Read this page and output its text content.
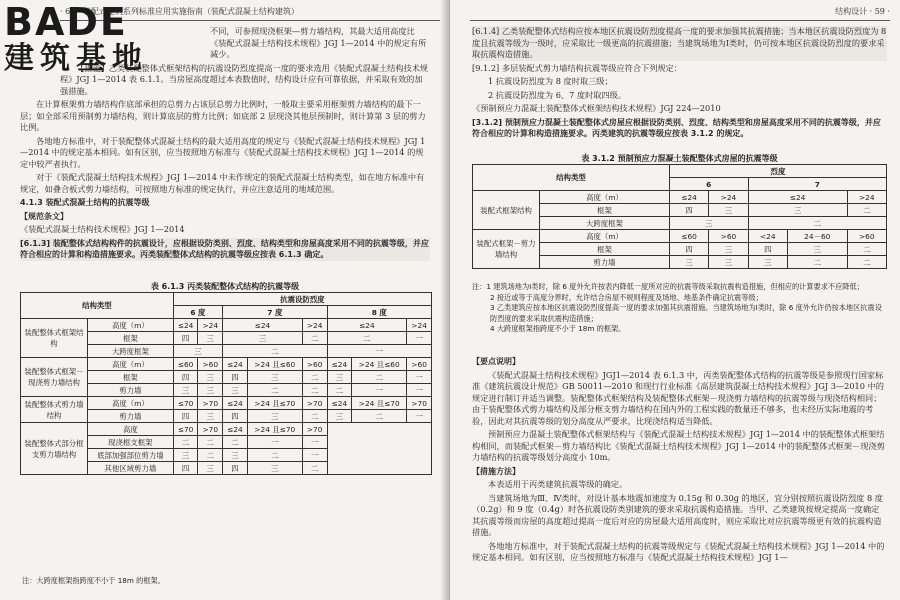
· 64 · 装配式建筑系列标准应用实施指南（装配式混凝土结构建筑）
BADE
建筑基地

不同，可参照现浇框架—剪力墙结构，其最大适用高度比《装配式混凝土结构技术规程》JGJ 1—2014 中的规定有所减少。

【措施】乙类装配整体式框架结构的抗震设防烈度提高一度的要求选用《装配式混凝土结构技术规程》JGJ 1—2014 表 6.1.1。当房屋高度超过本表数值时，结构设计应有可靠依据，并采取有效的加强措施。

在计算框架剪力墙结构作底部承担的总剪力占该层总剪力比例时，一般取主要采用框架剪力墙结构的最下一层；如全部采用预制剪力墙结构，则计算底层的剪力比例；如底部 2 层现浇其他层预制时，则计算第 3 层的剪力比例。

各地地方标准中，对于装配整体式混凝土结构的最大适用高度的规定与《装配式混凝土结构技术规程》JGJ 1—2014 中的规定基本相同。如有区别，应当按照地方标准与《装配式混凝土结构技术规程》JGJ 1—2014 的规定中较严者执行。

对于《装配式混凝土结构技术规程》JGJ 1—2014 中未作规定的装配式混凝土结构类型，如在地方标准中有规定，如叠合板式剪力墙结构，可按照地方标准的规定执行，并应注意适用的地域范围。

4.1.3 装配式混凝土结构的抗震等级

【规范条文】

《装配式混凝土结构技术规程》JGJ 1—2014

[6.1.3] 装配整体式结构构件的抗震设计，应根据设防类别、烈度、结构类型和房屋高度采用不同的抗震等级，并应符合相应的计算和构造措施要求。丙类装配整体式结构的抗震等级应按表 6.1.3 确定。

表 6.1.3 丙类装配整体式结构的抗震等级
结构类型		抗震设防烈度							
		6 度		7 度			8 度		
装配整体式框架结构	高度（m）	≤24	>24	≤24		>24	≤24		>24
	框架	四	三	三		二	二		一
	大跨度框架	三		二			一		
装配整体式框架－现浇剪力墙结构	高度（m）	≤60	>60	≤24	>24 且≤60	>60	≤24	>24 且≤60	>60
	框架	四	三	四	三	二	三	二	一
	剪力墙	三	三	三	二	二	二	一	一
装配整体式剪力墙结构	高度（m）	≤70	>70	≤24	>24 且≤70	>70	≤24	>24 且≤70	>70
	剪力墙	四	三	四	三	二	三	二	一
装配整体式部分框支剪力墙结构	高度	≤70	>70	≤24	>24 且≤70	>70			
	现浇框支框架	二	二	二	一	一			
	底部加强部位剪力墙	三	二	三	二	一			
	其他区域剪力墙	四	三	四	三	二			
注：大跨度框架指跨度不小于 18m 的框架。
结构设计 · 59 ·

[6.1.4] 乙类装配整体式结构应按本地区抗震设防烈度提高一度的要求加强其抗震措施；当本地区抗震设防烈度为 8 度且抗震等级为一级时，应采取比一级更高的抗震措施；当建筑场地为Ⅰ类时，仍可按本地区抗震设防烈度的要求采取抗震构造措施。

[9.1.2] 多层装配式剪力墙结构抗震等级应符合下列规定：

1 抗震设防烈度为 8 度时取三级；

2 抗震设防烈度为 6、7 度时取四级。

《预制预应力混凝土装配整体式框架结构技术规程》JGJ 224—2010

[3.1.2] 预制预应力混凝土装配整体式房屋应根据设防类别、烈度、结构类型和房屋高度采用不同的抗震等级，并应符合相应的计算和构造措施要求。丙类建筑的抗震等级应按表 3.1.2 的规定。

表 3.1.2 预制预应力混凝土装配整体式房屋的抗震等级
结构类型		烈度				
		6		7		
装配式框架结构	高度（m）	≤24	>24	≤24		>24
	框架	四	三	三		二
	大跨度框架	三		二		
装配式框架－剪力墙结构	高度（m）	≤60	>60	<24	24－60	>60
	框架	四	三	四	三	二
	剪力墙	三	三	三	二	二

注：1 建筑场地为Ⅰ类时，除 6 度外允许按表内降低一度所对应的抗震等级采取抗震构造措施，但相应的计算要求不应降低；

2 接近或等于高度分界时，允许结合房屋不规则程度及场地、地基条件确定抗震等级；

3 乙类建筑应按本地区抗震设防烈度提高一度的要求加强其抗震措施。当建筑场地为Ⅰ类时，除 6 度外允许仍按本地区抗震设防烈度的要求采取抗震构造措施；

4 大跨度框架指跨度不小于 18m 的框架。

【要点说明】

《装配式混凝土结构技术规程》JGJ1—2014 表 6.1.3 中，丙类装配整体式结构的抗震等级是参照现行国家标准《建筑抗震设计规范》GB 50011—2010 和现行行业标准《高层建筑混凝土结构技术规程》JGJ 3—2010 中的规定进行制订并适当调整。装配整体式框架结构及装配整体式框架－现浇剪力墙结构的抗震等级与现浇结构相同；由于装配整体式剪力墙结构及部分框支剪力墙结构在国内外的工程实践的数量还不够多，也未经历实际地震的考验，因此对其抗震等级的划分高度从严要求，比现浇结构适当降低。

预制预应力混凝土装配整体式框架结构与《装配式混凝土结构技术规程》JGJ 1—2014 中的装配整体式框架结构相同，而装配式框架－剪力墙结构比《装配式混凝土结构技术规程》JGJ 1—2014 中的装配整体式框架－现浇剪力墙结构的抗震等级划分高度小 10m。

【措施方法】

本表适用于丙类建筑抗震等级的确定。

当建筑场地为Ⅲ、Ⅳ类时，对设计基本地震加速度为 0.15g 和 0.30g 的地区，宜分别按照抗震设防烈度 8 度（0.2g）和 9 度（0.4g）时各抗震设防类别建筑的要求采取抗震构造措施。当甲、乙类建筑按规定提高一度确定其抗震等级而房屋的高度超过提高一度后对应的房屋最大适用高度时，则应采取比对应抗震等级更有效的抗震构造措施。

各地地方标准中，对于装配式混凝土结构的抗震等级规定与《装配式混凝土结构技术规程》JGJ 1—2014 中的规定基本相同。如有区别，应当按照地方标准与《装配式混凝土结构技术规程》JGJ 1—
